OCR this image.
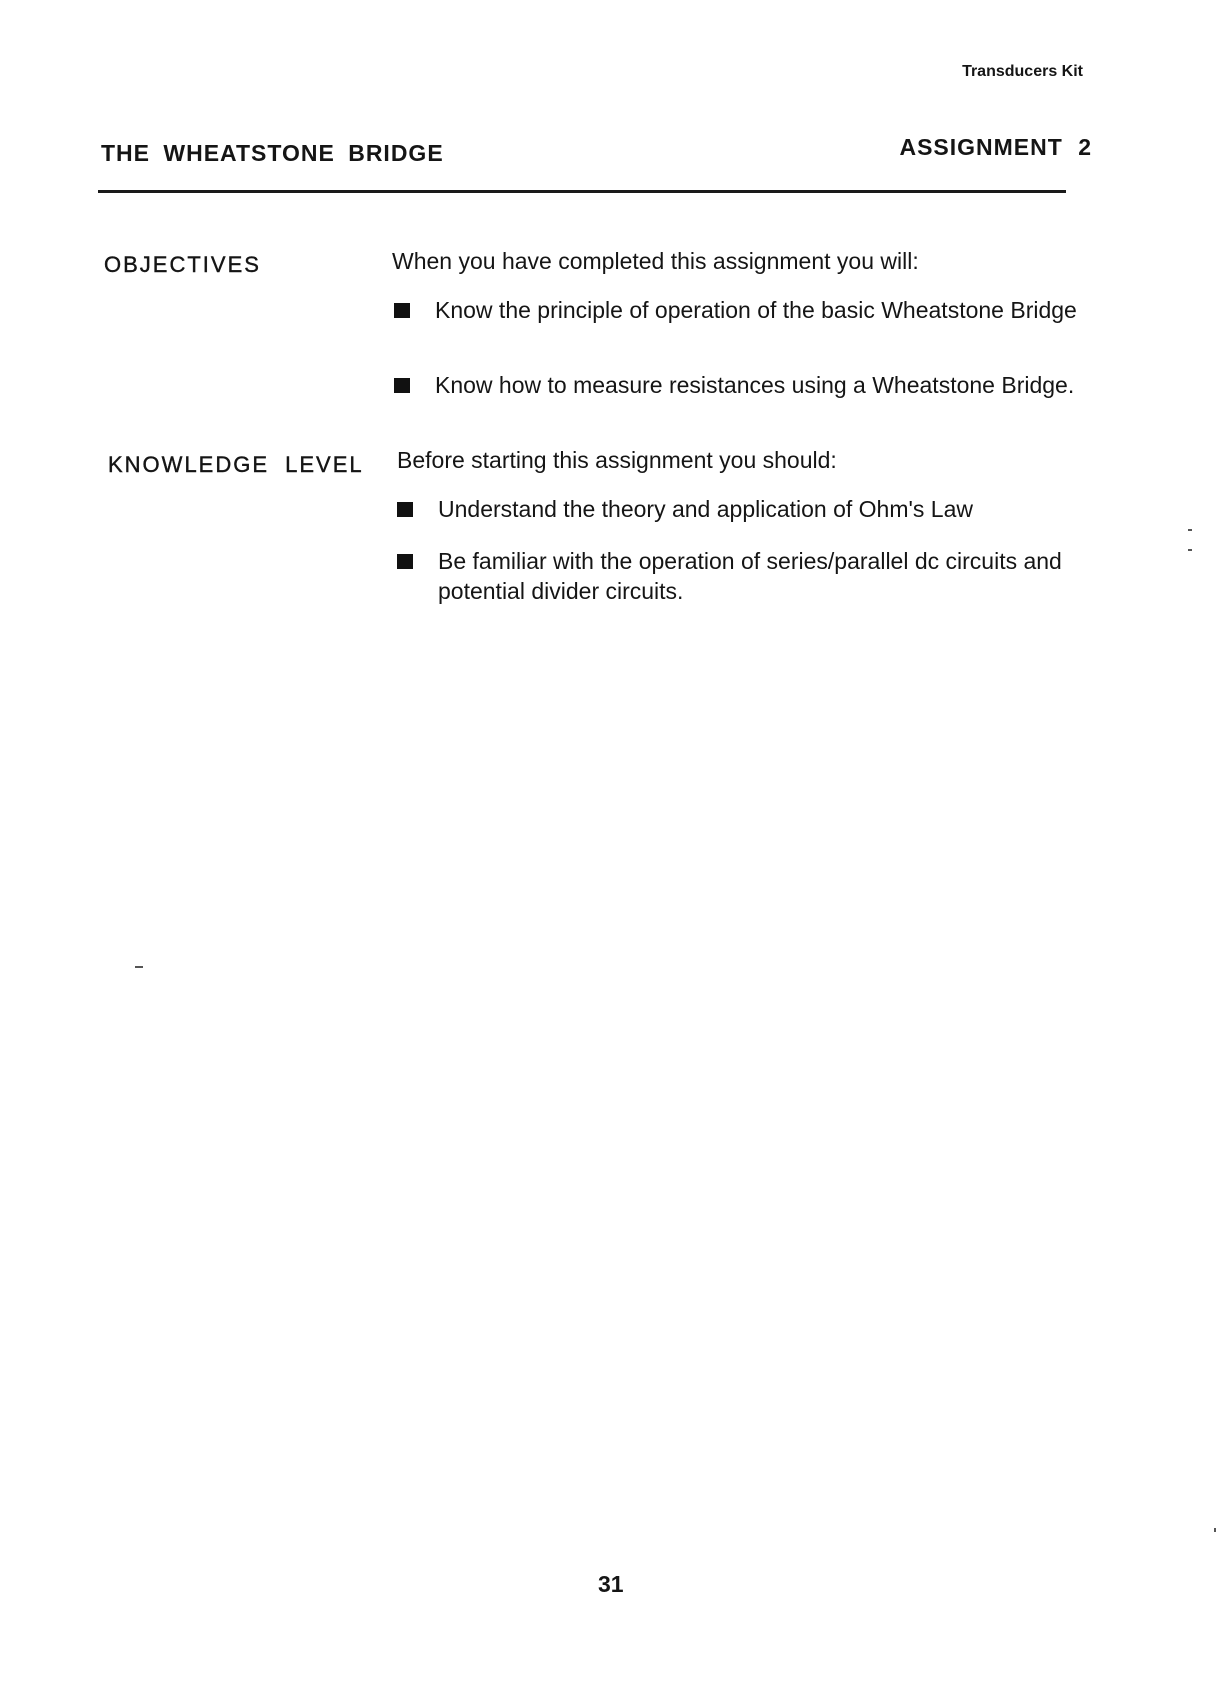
Transducers Kit
THE WHEATSTONE BRIDGE	ASSIGNMENT 2
OBJECTIVES	When you have completed this assignment you will:
Know the principle of operation of the basic Wheatstone Bridge
Know how to measure resistances using a Wheatstone Bridge.
KNOWLEDGE LEVEL Before starting this assignment you should:
Understand the theory and application of Ohm's Law
Be familiar with the operation of series/parallel dc circuits and potential divider circuits.
31
